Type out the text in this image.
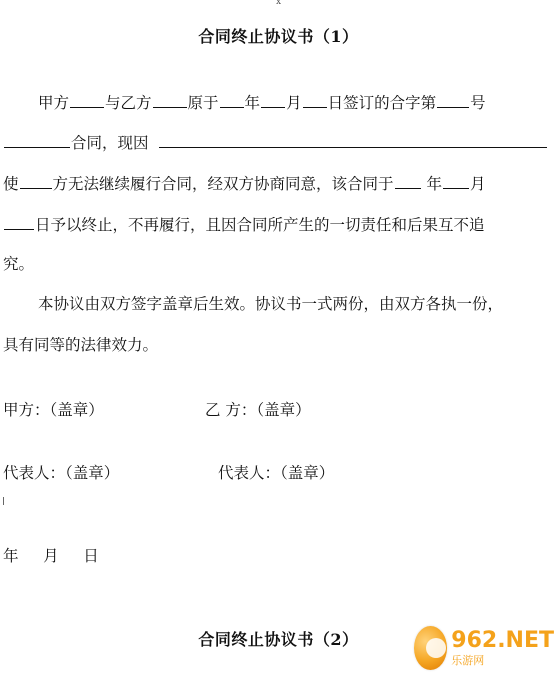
x
合同终止协议书（1）
甲方 与乙方 原于 年 月 日签订的合字第 号
合同，现因
使 方无法继续履行合同，经双方协商同意，该合同于 年 月
日予以终止，不再履行，且因合同所产生的一切责任和后果互不追
究。
本协议由双方签字盖章后生效。协议书一式两份，由双方各执一份，
具有同等的法律效力。
甲方：（盖章）	乙 方：（盖章）
代表人：（盖章）	代表人：（盖章）
年     月     日
合同终止协议书（2）	962.NET
乐游网
